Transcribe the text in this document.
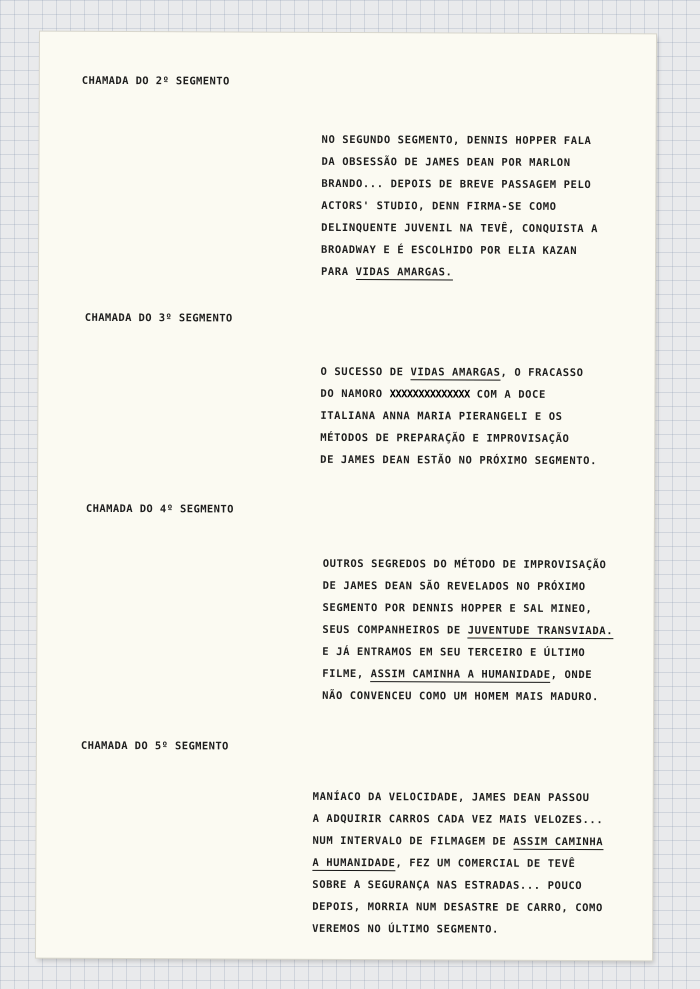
CHAMADA DO 2º SEGMENTO
NO SEGUNDO SEGMENTO, DENNIS HOPPER FALA
DA OBSESSÃO DE JAMES DEAN POR MARLON
BRANDO... DEPOIS DE BREVE PASSAGEM PELO
ACTORS' STUDIO, DENN FIRMA-SE COMO
DELINQUENTE JUVENIL NA TEVÊ, CONQUISTA A
BROADWAY E É ESCOLHIDO POR ELIA KAZAN
PARA VIDAS AMARGAS.
CHAMADA DO 3º SEGMENTO
O SUCESSO DE VIDAS AMARGAS, O FRACASSO
DO NAMORO XXXXXXXXXXXXXX COM A DOCE
ITALIANA ANNA MARIA PIERANGELI E OS
MÉTODOS DE PREPARAÇÃO E IMPROVISAÇÃO
DE JAMES DEAN ESTÃO NO PRÓXIMO SEGMENTO.
CHAMADA DO 4º SEGMENTO
OUTROS SEGREDOS DO MÉTODO DE IMPROVISAÇÃO
DE JAMES DEAN SÃO REVELADOS NO PRÓXIMO
SEGMENTO POR DENNIS HOPPER E SAL MINEO,
SEUS COMPANHEIROS DE JUVENTUDE TRANSVIADA.
E JÁ ENTRAMOS EM SEU TERCEIRO E ÚLTIMO
FILME, ASSIM CAMINHA A HUMANIDADE, ONDE
NÃO CONVENCEU COMO UM HOMEM MAIS MADURO.
CHAMADA DO 5º SEGMENTO
MANÍACO DA VELOCIDADE, JAMES DEAN PASSOU
A ADQUIRIR CARROS CADA VEZ MAIS VELOZES...
NUM INTERVALO DE FILMAGEM DE ASSIM CAMINHA
A HUMANIDADE, FEZ UM COMERCIAL DE TEVÊ
SOBRE A SEGURANÇA NAS ESTRADAS... POUCO
DEPOIS, MORRIA NUM DESASTRE DE CARRO, COMO
VEREMOS NO ÚLTIMO SEGMENTO.
